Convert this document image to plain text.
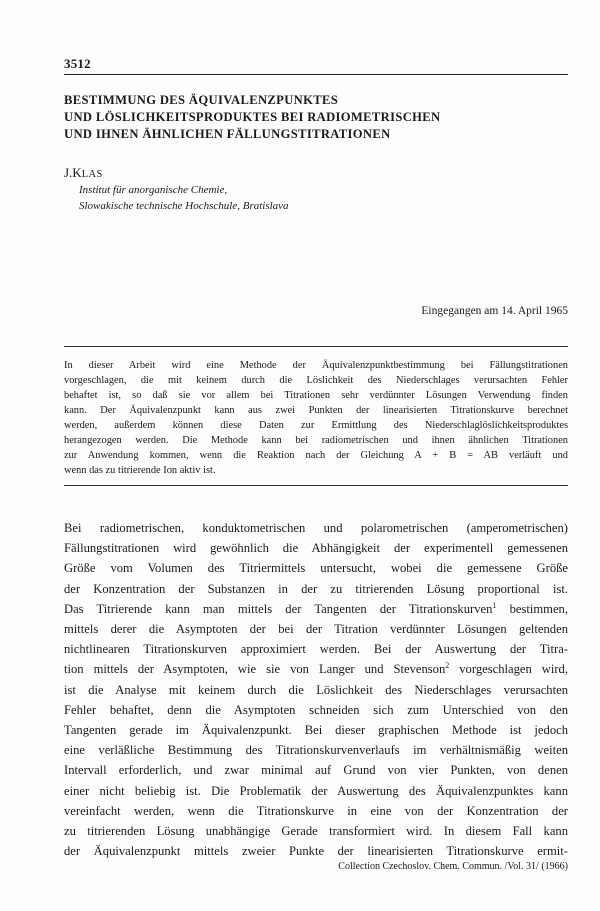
3512
BESTIMMUNG DES ÄQUIVALENZPUNKTES
UND LÖSLICHKEITSPRODUKTES BEI RADIOMETRISCHEN
UND IHNEN ÄHNLICHEN FÄLLUNGSTITRATIONEN
J.KLAS
Institut für anorganische Chemie,
Slowakische technische Hochschule, Bratislava
Eingegangen am 14. April 1965
In dieser Arbeit wird eine Methode der Äquivalenzpunktbestimmung bei Fällungstitrationen
vorgeschlagen, die mit keinem durch die Löslichkeit des Niederschlages verursachten Fehler
behaftet ist, so daß sie vor allem bei Titrationen sehr verdünnter Lösungen Verwendung finden
kann. Der Äquivalenzpunkt kann aus zwei Punkten der linearisierten Titrationskurve berechnet
werden, außerdem können diese Daten zur Ermittlung des Niederschlaglöslichkeitsproduktes
herangezogen werden. Die Methode kann bei radiometrischen und ihnen ähnlichen Titrationen
zur Anwendung kommen, wenn die Reaktion nach der Gleichung A + B = AB verläuft und
wenn das zu titrierende Ion aktiv ist.
Bei radiometrischen, konduktometrischen und polarometrischen (amperometrischen)
Fällungstitrationen wird gewöhnlich die Abhängigkeit der experimentell gemessenen
Größe vom Volumen des Titriermittels untersucht, wobei die gemessene Größe
der Konzentration der Substanzen in der zu titrierenden Lösung proportional ist.
Das Titrierende kann man mittels der Tangenten der Titrationskurven$^1$ bestimmen,
mittels derer die Asymptoten der bei der Titration verdünnter Lösungen geltenden
nichtlinearen Titrationskurven approximiert werden. Bei der Auswertung der Titra-
tion mittels der Asymptoten, wie sie von Langer und Stevenson$^2$ vorgeschlagen wird,
ist die Analyse mit keinem durch die Löslichkeit des Niederschlages verursachten
Fehler behaftet, denn die Asymptoten schneiden sich zum Unterschied von den
Tangenten gerade im Äquivalenzpunkt. Bei dieser graphischen Methode ist jedoch
eine verläßliche Bestimmung des Titrationskurvenverlaufs im verhältnismäßig weiten
Intervall erforderlich, und zwar minimal auf Grund von vier Punkten, von denen
einer nicht beliebig ist. Die Problematik der Auswertung des Äquivalenzpunktes kann
vereinfacht werden, wenn die Titrationskurve in eine von der Konzentration der
zu titrierenden Lösung unabhängige Gerade transformiert wird. In diesem Fall kann
der Äquivalenzpunkt mittels zweier Punkte der linearisierten Titrationskurve ermit-
Collection Czechoslov. Chem. Commun. /Vol. 31/ (1966)
